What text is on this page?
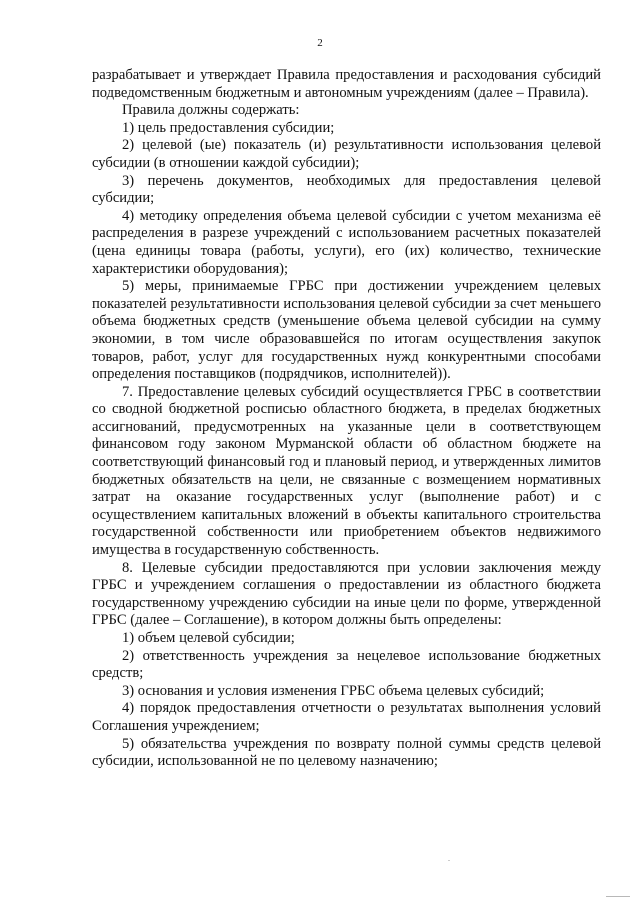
2

разрабатывает и утверждает Правила предоставления и расходования субсидий подведомственным бюджетным и автономным учреждениям (далее – Правила).

Правила должны содержать:

1) цель предоставления субсидии;

2) целевой (ые) показатель (и) результативности использования целевой субсидии (в отношении каждой субсидии);

3) перечень документов, необходимых для предоставления целевой субсидии;

4) методику определения объема целевой субсидии с учетом механизма её распределения в разрезе учреждений с использованием расчетных показателей (цена единицы товара (работы, услуги), его (их) количество, технические характеристики оборудования);

5) меры, принимаемые ГРБС при достижении учреждением целевых показателей результативности использования целевой субсидии за счет меньшего объема бюджетных средств (уменьшение объема целевой субсидии на сумму экономии, в том числе образовавшейся по итогам осуществления закупок товаров, работ, услуг для государственных нужд конкурентными способами определения поставщиков (подрядчиков, исполнителей)).

7. Предоставление целевых субсидий осуществляется ГРБС в соответствии со сводной бюджетной росписью областного бюджета, в пределах бюджетных ассигнований, предусмотренных на указанные цели в соответствующем финансовом году законом Мурманской области об областном бюджете на соответствующий финансовый год и плановый период, и утвержденных лимитов бюджетных обязательств на цели, не связанные с возмещением нормативных затрат на оказание государственных услуг (выполнение работ) и с осуществлением капитальных вложений в объекты капитального строительства государственной собственности или приобретением объектов недвижимого имущества в государственную собственность.

8. Целевые субсидии предоставляются при условии заключения между ГРБС и учреждением соглашения о предоставлении из областного бюджета государственному учреждению субсидии на иные цели по форме, утвержденной ГРБС (далее – Соглашение), в котором должны быть определены:

1) объем целевой субсидии;

2) ответственность учреждения за нецелевое использование бюджетных средств;

3) основания и условия изменения ГРБС объема целевых субсидий;

4) порядок предоставления отчетности о результатах выполнения условий Соглашения учреждением;

5) обязательства учреждения по возврату полной суммы средств целевой субсидии, использованной не по целевому назначению;
